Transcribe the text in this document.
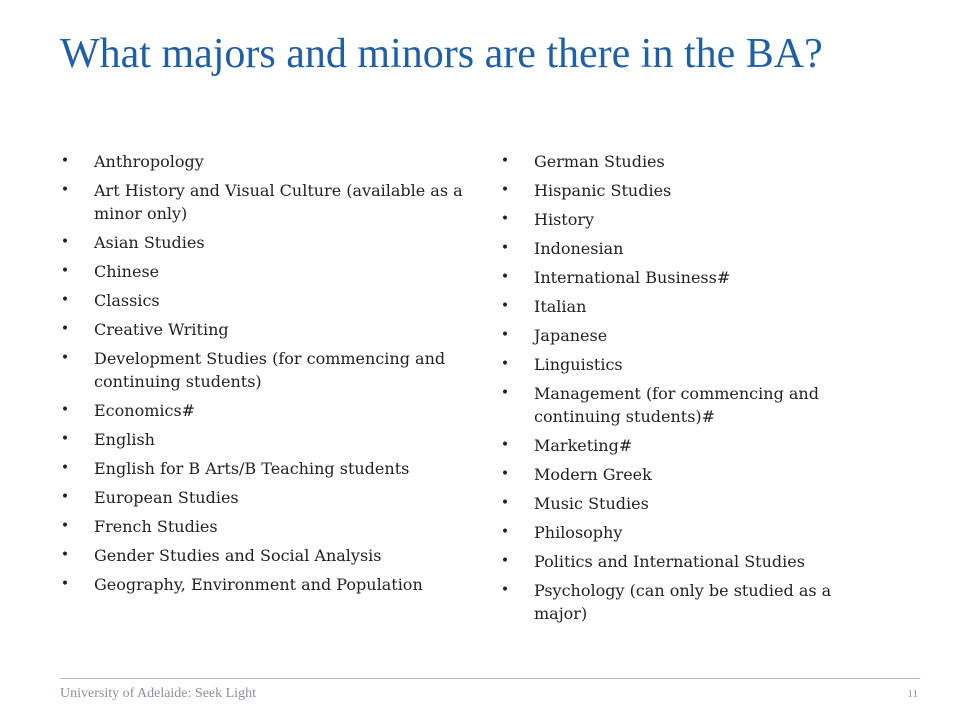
What majors and minors are there in the BA?
• Anthropology
• Art History and Visual Culture (available as a minor only)
• Asian Studies
• Chinese
• Classics
• Creative Writing
• Development Studies (for commencing and continuing students)
• Economics#
• English
• English for B Arts/B Teaching students
• European Studies
• French Studies
• Gender Studies and Social Analysis
• Geography, Environment and Population
• German Studies
• Hispanic Studies
• History
• Indonesian
• International Business#
• Italian
• Japanese
• Linguistics
• Management (for commencing and continuing students)#
• Marketing#
• Modern Greek
• Music Studies
• Philosophy
• Politics and International Studies
• Psychology (can only be studied as a major)
University of Adelaide: Seek Light	11
